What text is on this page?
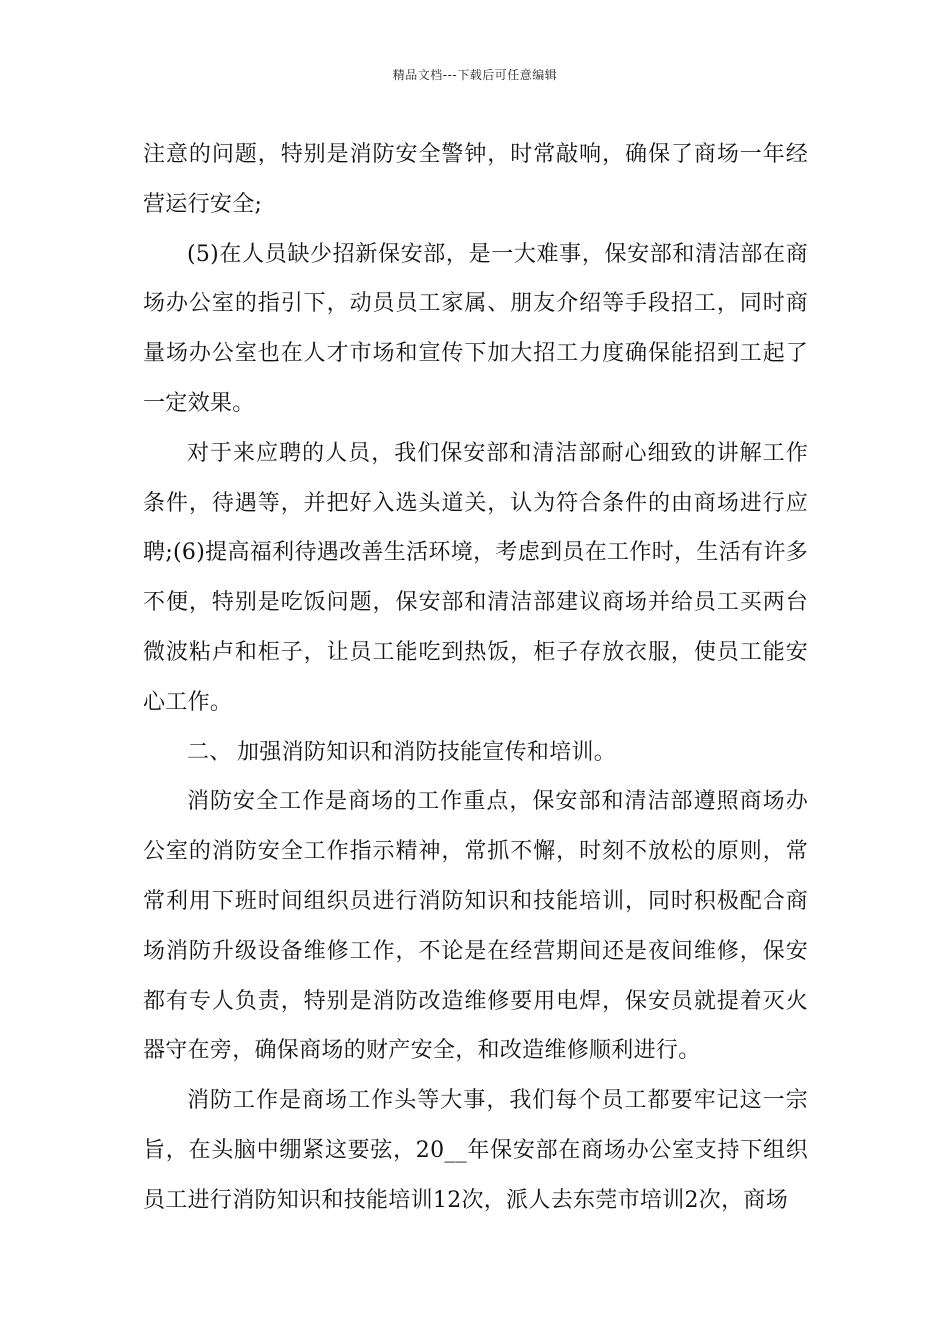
精品文档---下载后可任意编辑

注意的问题，特别是消防安全警钟，时常敲响，确保了商场一年经营运行安全;

(5)在人员缺少招新保安部，是一大难事，保安部和清洁部在商场办公室的指引下，动员员工家属、朋友介绍等手段招工，同时商量场办公室也在人才市场和宣传下加大招工力度确保能招到工起了一定效果。

对于来应聘的人员，我们保安部和清洁部耐心细致的讲解工作条件，待遇等，并把好入选头道关，认为符合条件的由商场进行应聘;(6)提高福利待遇改善生活环境，考虑到员在工作时，生活有许多不便，特别是吃饭问题，保安部和清洁部建议商场并给员工买两台微波粘卢和柜子，让员工能吃到热饭，柜子存放衣服，使员工能安心工作。

二、 加强消防知识和消防技能宣传和培训。

消防安全工作是商场的工作重点，保安部和清洁部遵照商场办公室的消防安全工作指示精神，常抓不懈，时刻不放松的原则，常常利用下班时间组织员进行消防知识和技能培训，同时积极配合商场消防升级设备维修工作，不论是在经营期间还是夜间维修，保安都有专人负责，特别是消防改造维修要用电焊，保安员就提着灭火器守在旁，确保商场的财产安全，和改造维修顺利进行。

消防工作是商场工作头等大事，我们每个员工都要牢记这一宗旨，在头脑中绷紧这要弦，20__年保安部在商场办公室支持下组织员工进行消防知识和技能培训12次，派人去东莞市培训2次，商场
